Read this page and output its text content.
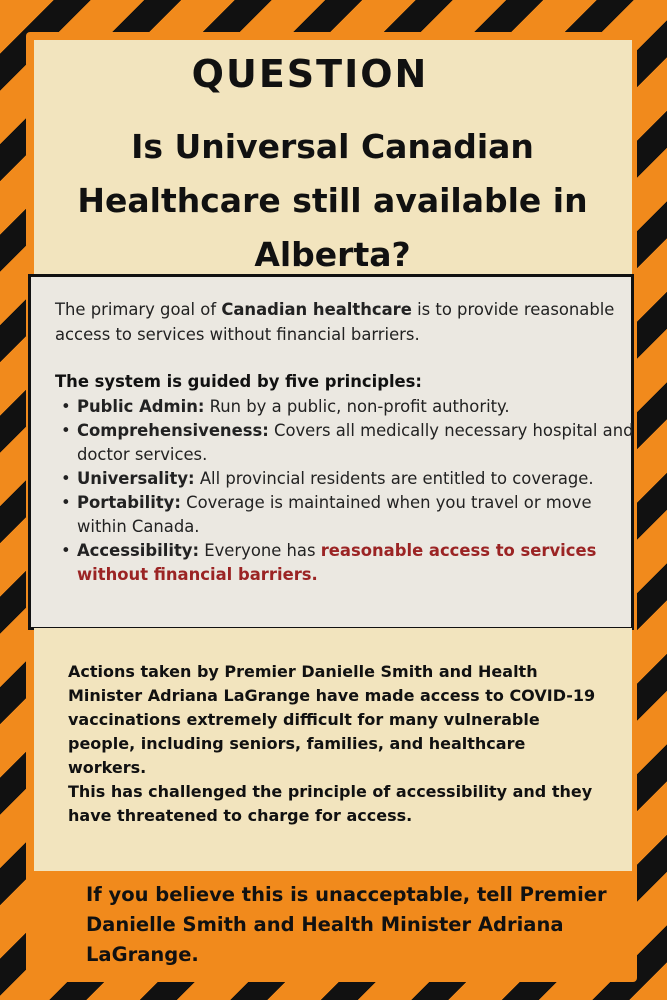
QUESTION
Is Universal Canadian Healthcare still available in Alberta?

The primary goal of Canadian healthcare is to provide reasonable access to services without financial barriers.

The system is guided by five principles:

• Public Admin: Run by a public, non-profit authority.
• Comprehensiveness: Covers all medically necessary hospital and doctor services.
• Universality: All provincial residents are entitled to coverage.
• Portability: Coverage is maintained when you travel or move within Canada.
• Accessibility: Everyone has reasonable access to services without financial barriers.

Actions taken by Premier Danielle Smith and Health Minister Adriana LaGrange have made access to COVID-19 vaccinations extremely difficult for many vulnerable people, including seniors, families, and healthcare workers.

This has challenged the principle of accessibility and they have threatened to charge for access.

If you believe this is unacceptable, tell Premier Danielle Smith and Health Minister Adriana LaGrange.
